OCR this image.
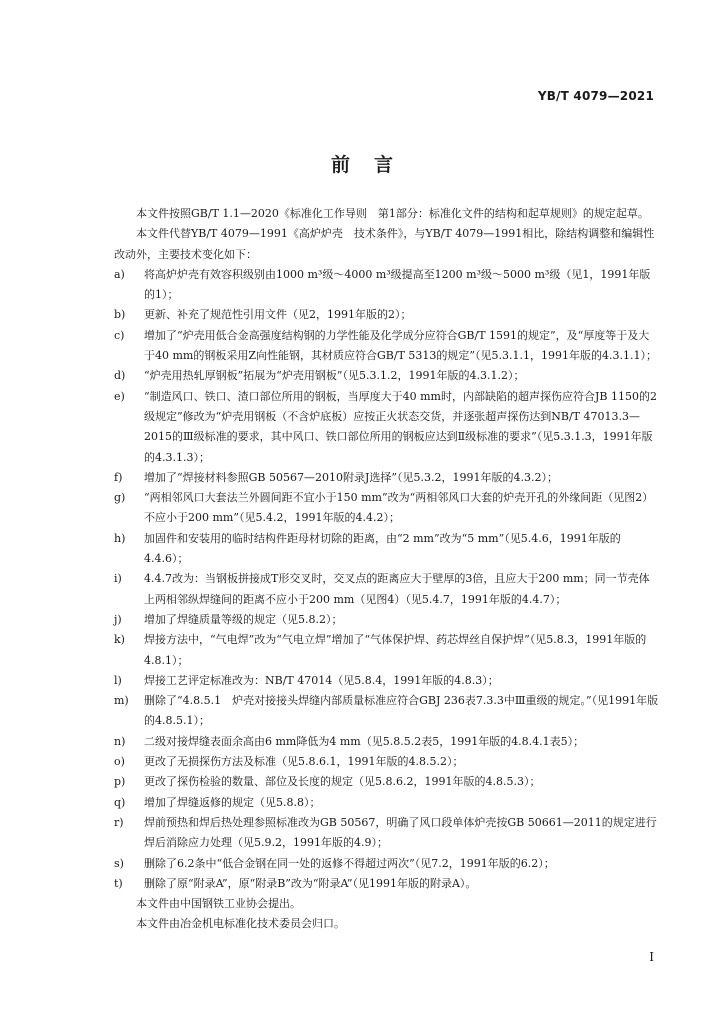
YB/T 4079—2021
前言

本文件按照GB/T 1.1—2020《标准化工作导则　第1部分：标准化文件的结构和起草规则》的规定起草。

本文件代替YB/T 4079—1991《高炉炉壳　技术条件》，与YB/T 4079—1991相比，除结构调整和编辑性改动外，主要技术变化如下：

a) 将高炉炉壳有效容积级别由1000 m³级～4000 m³级提高至1200 m³级～5000 m³级（见1，1991年版的1）；
b) 更新、补充了规范性引用文件（见2，1991年版的2）；
c) 增加了“炉壳用低合金高强度结构钢的力学性能及化学成分应符合GB/T 1591的规定”，及“厚度等于及大于40 mm的钢板采用Z向性能钢，其材质应符合GB/T 5313的规定”（见5.3.1.1，1991年版的4.3.1.1）；
d) “炉壳用热轧厚钢板”拓展为“炉壳用钢板”（见5.3.1.2，1991年版的4.3.1.2）；
e) “制造风口、铁口、渣口部位所用的钢板，当厚度大于40 mm时，内部缺陷的超声探伤应符合JB 1150的2级规定”修改为“炉壳用钢板（不含炉底板）应按正火状态交货，并逐张超声探伤达到NB/T 47013.3—2015的Ⅲ级标准的要求，其中风口、铁口部位所用的钢板应达到Ⅱ级标准的要求”（见5.3.1.3，1991年版的4.3.1.3）；
f) 增加了“焊接材料参照GB 50567—2010附录J选择”（见5.3.2，1991年版的4.3.2）；
g) “两相邻风口大套法兰外圆间距不宜小于150 mm”改为“两相邻风口大套的炉壳开孔的外缘间距（见图2）不应小于200 mm”（见5.4.2，1991年版的4.4.2）；
h) 加固件和安装用的临时结构件距母材切除的距离，由“2 mm”改为“5 mm”（见5.4.6，1991年版的4.4.6）；
i) 4.4.7改为：当钢板拼接成T形交叉时，交叉点的距离应大于壁厚的3倍，且应大于200 mm；同一节壳体上两相邻纵焊缝间的距离不应小于200 mm（见图4）（见5.4.7，1991年版的4.4.7）；
j) 增加了焊缝质量等级的规定（见5.8.2）；
k) 焊接方法中，“气电焊”改为“气电立焊”增加了“气体保护焊、药芯焊丝自保护焊”（见5.8.3，1991年版的4.8.1）；
l) 焊接工艺评定标准改为：NB/T 47014（见5.8.4，1991年版的4.8.3）；
m) 删除了“4.8.5.1　炉壳对接接头焊缝内部质量标准应符合GBJ 236表7.3.3中Ⅲ重级的规定。”（见1991年版的4.8.5.1）；
n) 二级对接焊缝表面余高由6 mm降低为4 mm（见5.8.5.2表5，1991年版的4.8.4.1表5）；
o) 更改了无损探伤方法及标准（见5.8.6.1，1991年版的4.8.5.2）；
p) 更改了探伤检验的数量、部位及长度的规定（见5.8.6.2，1991年版的4.8.5.3）；
q) 增加了焊缝返修的规定（见5.8.8）；
r) 焊前预热和焊后热处理参照标准改为GB 50567，明确了风口段单体炉壳按GB 50661—2011的规定进行焊后消除应力处理（见5.9.2，1991年版的4.9）；
s) 删除了6.2条中“低合金钢在同一处的返修不得超过两次”（见7.2，1991年版的6.2）；
t) 删除了原“附录A”，原“附录B”改为“附录A”（见1991年版的附录A）。

本文件由中国钢铁工业协会提出。

本文件由冶金机电标准化技术委员会归口。

I
